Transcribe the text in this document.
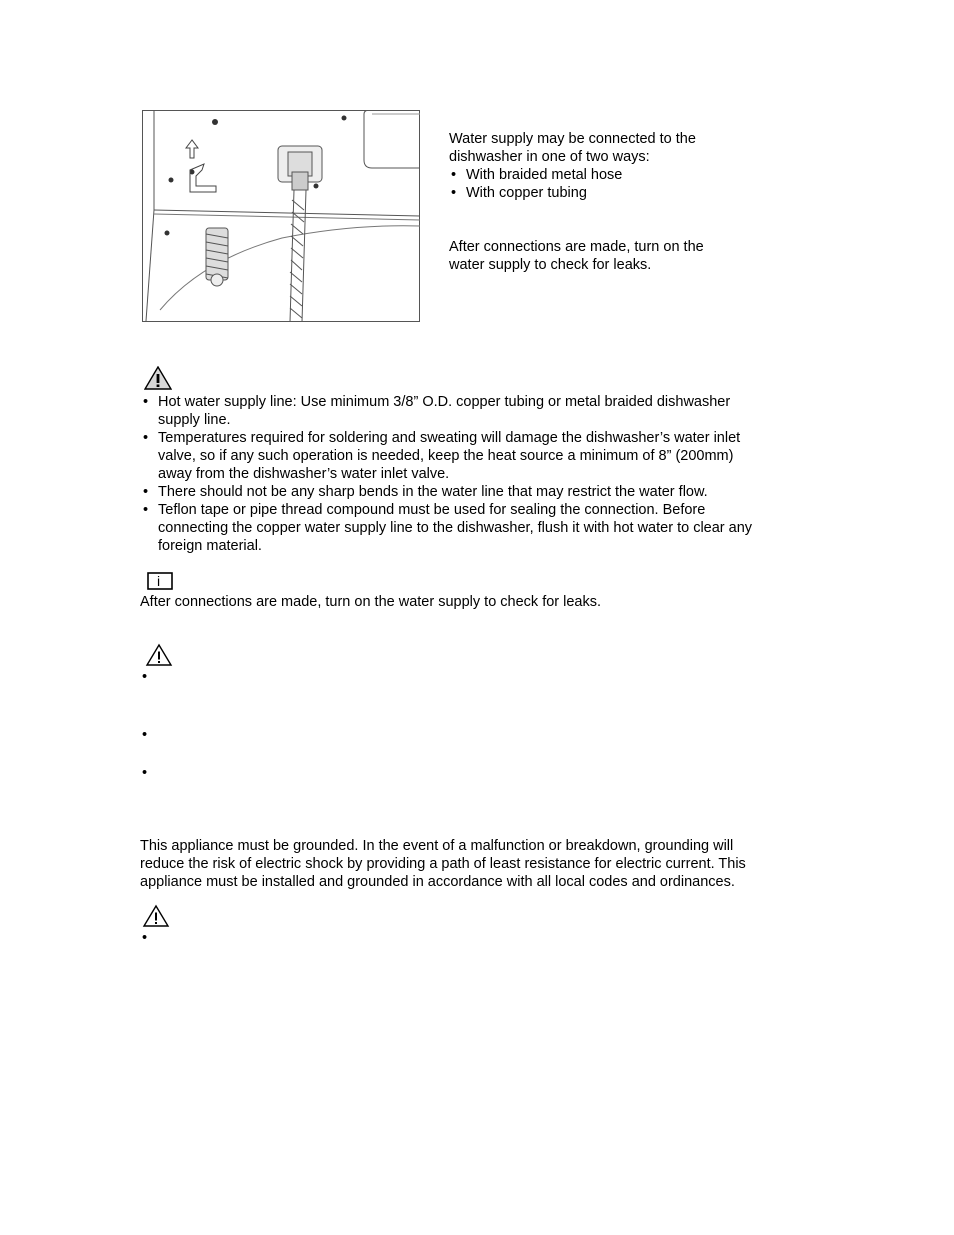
Water supply may be connected to the

dishwasher in one of two ways:

• With braided metal hose
• With copper tubing

After connections are made, turn on the

water supply to check for leaks.

• Hot water supply line: Use minimum 3/8” O.D. copper tubing or metal braided dishwasher
supply line.
• Temperatures required for soldering and sweating will damage the dishwasher’s water inlet
valve, so if any such operation is needed, keep the heat source a minimum of 8” (200mm)
away from the dishwasher’s water inlet valve.
• There should not be any sharp bends in the water line that may restrict the water flow.
• Teflon tape or pipe thread compound must be used for sealing the connection. Before
connecting the copper water supply line to the dishwasher, flush it with hot water to clear any
foreign material.
i
After connections are made, turn on the water supply to check for leaks.
•
•
•
This appliance must be grounded. In the event of a malfunction or breakdown, grounding will
reduce the risk of electric shock by providing a path of least resistance for electric current. This
appliance must be installed and grounded in accordance with all local codes and ordinances.
•
